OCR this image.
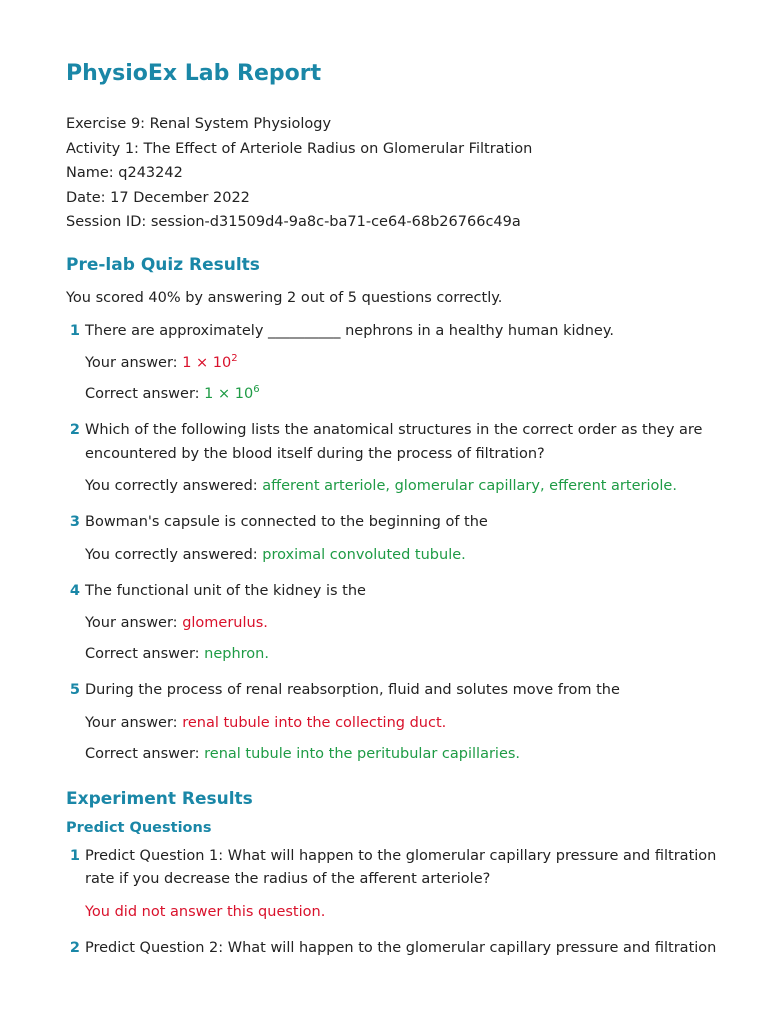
PhysioEx Lab Report
Exercise 9: Renal System Physiology
Activity 1: The Effect of Arteriole Radius on Glomerular Filtration
Name: q243242
Date: 17 December 2022
Session ID: session-d31509d4-9a8c-ba71-ce64-68b26766c49a
Pre-lab Quiz Results
You scored 40% by answering 2 out of 5 questions correctly.
1 There are approximately __________ nephrons in a healthy human kidney.
Your answer: $1 \times 10^2$
Correct answer: $1 \times 10^6$
2 Which of the following lists the anatomical structures in the correct order as they are encountered by the blood itself during the process of filtration?
You correctly answered: afferent arteriole, glomerular capillary, efferent arteriole.
3 Bowman's capsule is connected to the beginning of the
You correctly answered: proximal convoluted tubule.
4 The functional unit of the kidney is the
Your answer: glomerulus.
Correct answer: nephron.
5 During the process of renal reabsorption, fluid and solutes move from the
Your answer: renal tubule into the collecting duct.
Correct answer: renal tubule into the peritubular capillaries.
Experiment Results
Predict Questions
1 Predict Question 1: What will happen to the glomerular capillary pressure and filtration rate if you decrease the radius of the afferent arteriole?
You did not answer this question.
2 Predict Question 2: What will happen to the glomerular capillary pressure and filtration
